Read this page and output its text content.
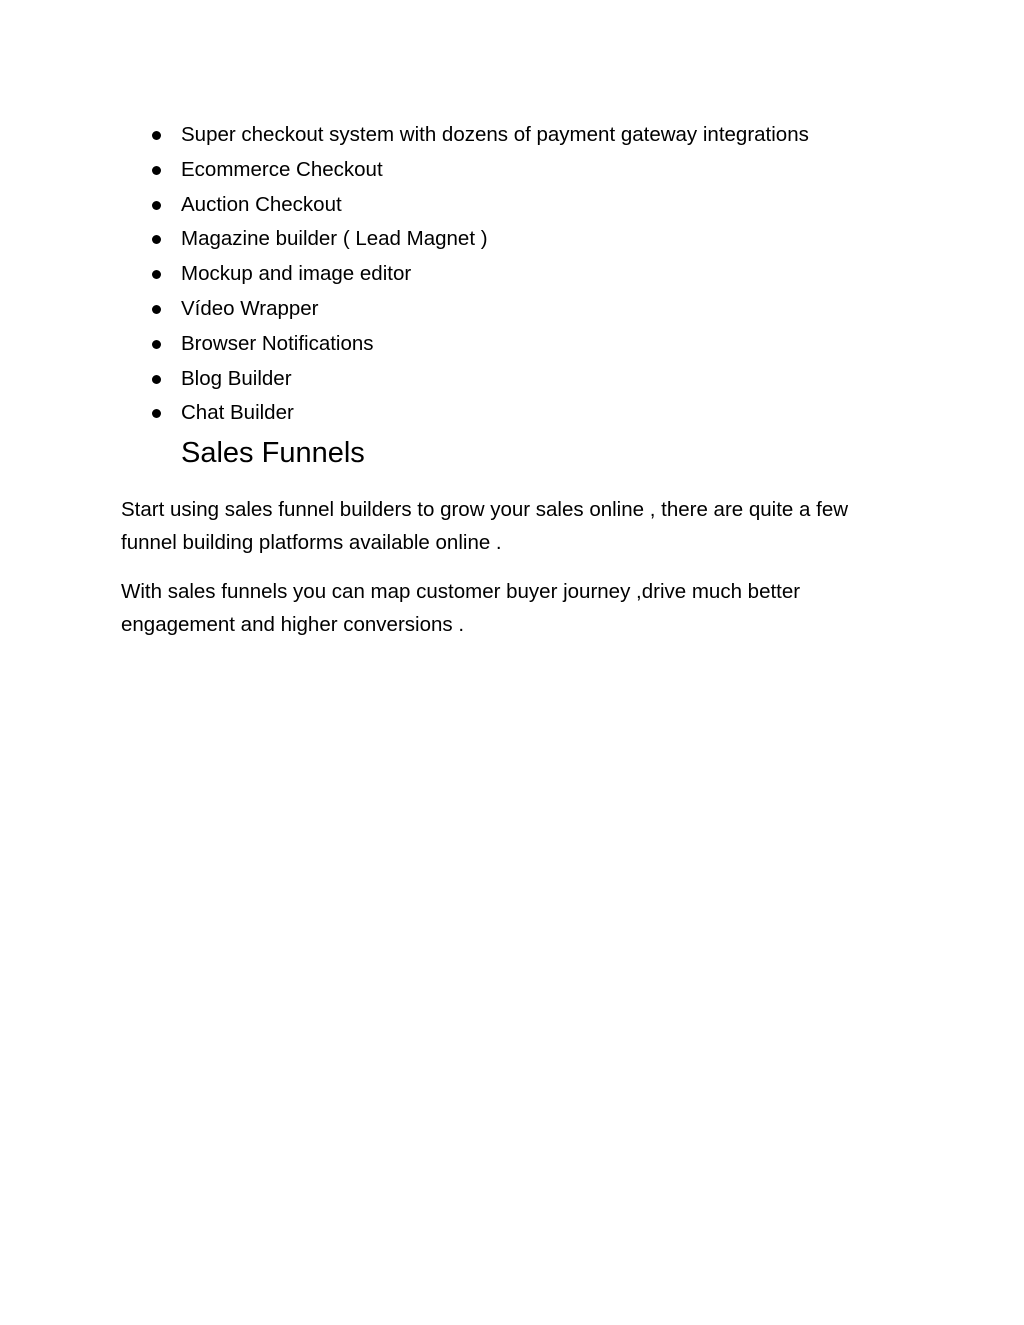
Super checkout system with dozens of payment gateway integrations
Ecommerce Checkout
Auction Checkout
Magazine builder ( Lead Magnet )
Mockup and image editor
Vídeo Wrapper
Browser Notifications
Blog Builder
Chat Builder
Sales Funnels

Start using sales funnel builders to grow your sales online , there are quite a few funnel building platforms available online .

With sales funnels you can map customer buyer journey ,drive much better engagement and higher conversions .
